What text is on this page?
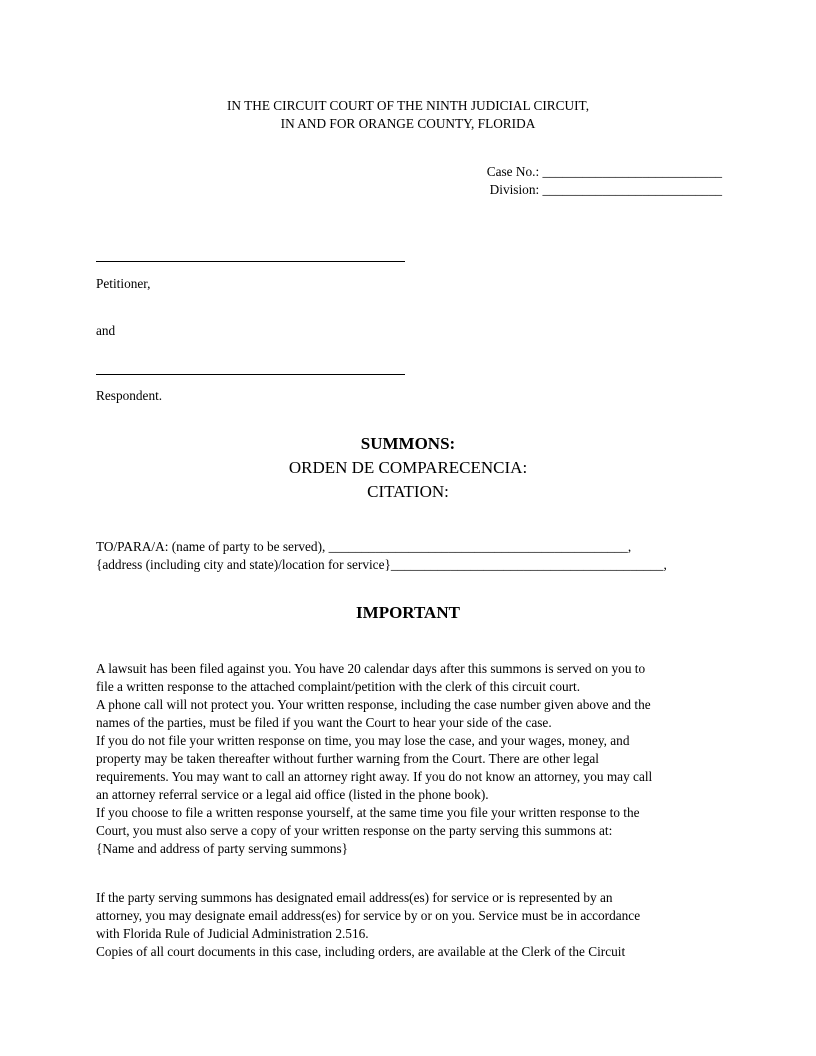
IN THE CIRCUIT COURT OF THE NINTH JUDICIAL CIRCUIT,
IN AND FOR ORANGE COUNTY, FLORIDA
Case No.: ___________________________
Division: ___________________________
Petitioner,
and
Respondent.
SUMMONS:
ORDEN DE COMPARECENCIA:
CITATION:
TO/PARA/A: (name of party to be served), _____________________________________________,
{address (including city and state)/location for service}_________________________________________,
IMPORTANT

A lawsuit has been filed against you. You have 20 calendar days after this summons is served on you to

file a written response to the attached complaint/petition with the clerk of this circuit court.

A phone call will not protect you. Your written response, including the case number given above and the

names of the parties, must be filed if you want the Court to hear your side of the case.

If you do not file your written response on time, you may lose the case, and your wages, money, and

property may be taken thereafter without further warning from the Court. There are other legal

requirements. You may want to call an attorney right away. If you do not know an attorney, you may call

an attorney referral service or a legal aid office (listed in the phone book).

If you choose to file a written response yourself, at the same time you file your written response to the

Court, you must also serve a copy of your written response on the party serving this summons at:

{Name and address of party serving summons}

If the party serving summons has designated email address(es) for service or is represented by an

attorney, you may designate email address(es) for service by or on you. Service must be in accordance

with Florida Rule of Judicial Administration 2.516.

Copies of all court documents in this case, including orders, are available at the Clerk of the Circuit
